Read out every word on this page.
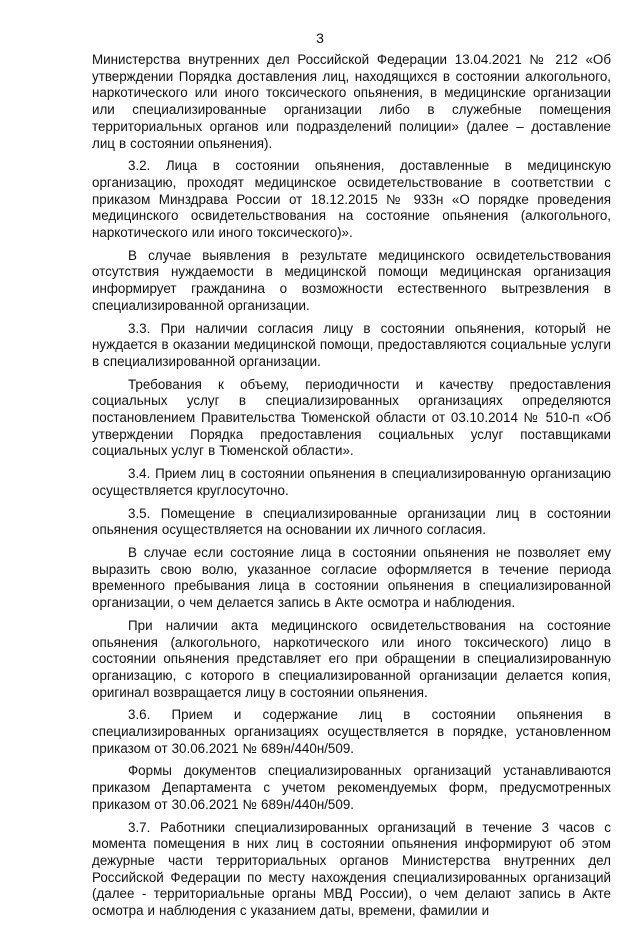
3

Министерства внутренних дел Российской Федерации 13.04.2021 № 212 «Об утверждении Порядка доставления лиц, находящихся в состоянии алкогольного, наркотического или иного токсического опьянения, в медицинские организации или специализированные организации либо в служебные помещения территориальных органов или подразделений полиции» (далее – доставление лиц в состоянии опьянения).

3.2. Лица в состоянии опьянения, доставленные в медицинскую организацию, проходят медицинское освидетельствование в соответствии с приказом Минздрава России от 18.12.2015 № 933н «О порядке проведения медицинского освидетельствования на состояние опьянения (алкогольного, наркотического или иного токсического)».

В случае выявления в результате медицинского освидетельствования отсутствия нуждаемости в медицинской помощи медицинская организация информирует гражданина о возможности естественного вытрезвления в специализированной организации.

3.3. При наличии согласия лицу в состоянии опьянения, который не нуждается в оказании медицинской помощи, предоставляются социальные услуги в специализированной организации.

Требования к объему, периодичности и качеству предоставления социальных услуг в специализированных организациях определяются постановлением Правительства Тюменской области от 03.10.2014 № 510-п «Об утверждении Порядка предоставления социальных услуг поставщиками социальных услуг в Тюменской области».

3.4. Прием лиц в состоянии опьянения в специализированную организацию осуществляется круглосуточно.

3.5. Помещение в специализированные организации лиц в состоянии опьянения осуществляется на основании их личного согласия.

В случае если состояние лица в состоянии опьянения не позволяет ему выразить свою волю, указанное согласие оформляется в течение периода временного пребывания лица в состоянии опьянения в специализированной организации, о чем делается запись в Акте осмотра и наблюдения.

При наличии акта медицинского освидетельствования на состояние опьянения (алкогольного, наркотического или иного токсического) лицо в состоянии опьянения представляет его при обращении в специализированную организацию, с которого в специализированной организации делается копия, оригинал возвращается лицу в состоянии опьянения.

3.6. Прием и содержание лиц в состоянии опьянения в специализированных организациях осуществляется в порядке, установленном приказом от 30.06.2021 № 689н/440н/509.

Формы документов специализированных организаций устанавливаются приказом Департамента с учетом рекомендуемых форм, предусмотренных приказом от 30.06.2021 № 689н/440н/509.

3.7. Работники специализированных организаций в течение 3 часов с момента помещения в них лиц в состоянии опьянения информируют об этом дежурные части территориальных органов Министерства внутренних дел Российской Федерации по месту нахождения специализированных организаций (далее - территориальные органы МВД России), о чем делают запись в Акте осмотра и наблюдения с указанием даты, времени, фамилии и
